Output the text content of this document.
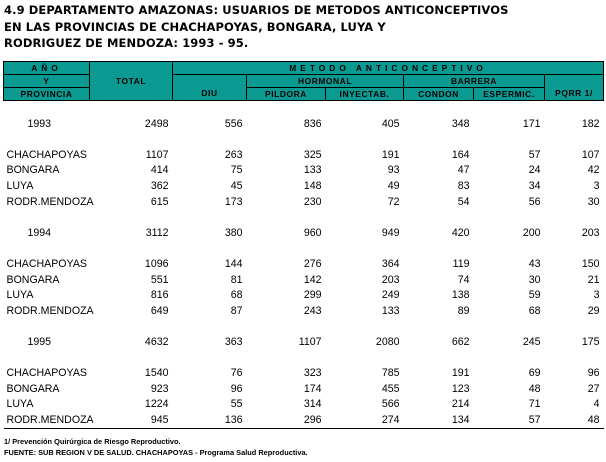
4.9 DEPARTAMENTO AMAZONAS: USUARIOS DE METODOS ANTICONCEPTIVOS
EN LAS PROVINCIAS DE CHACHAPOYAS, BONGARA, LUYA Y
RODRIGUEZ DE MENDOZA: 1993 - 95.
AÑO		METODO ANTICONCEPTIVO					
Y	TOTAL		HORMONAL		BARRERA		
PROVINCIA		DIU	PILDORA	INYECTAB.	CONDON	ESPERMIC.	PQRR 1/

1993	2498	556	836	405	348	171	182

CHACHAPOYAS	1107	263	325	191	164	57	107
BONGARA	414	75	133	93	47	24	42
LUYA	362	45	148	49	83	34	3
RODR.MENDOZA	615	173	230	72	54	56	30

1994	3112	380	960	949	420	200	203

CHACHAPOYAS	1096	144	276	364	119	43	150
BONGARA	551	81	142	203	74	30	21
LUYA	816	68	299	249	138	59	3
RODR.MENDOZA	649	87	243	133	89	68	29

1995	4632	363	1107	2080	662	245	175

CHACHAPOYAS	1540	76	323	785	191	69	96
BONGARA	923	96	174	455	123	48	27
LUYA	1224	55	314	566	214	71	4
RODR.MENDOZA	945	136	296	274	134	57	48
1/ Prevención Quirúrgica de Riesgo Reproductivo.
FUENTE: SUB REGION V DE SALUD. CHACHAPOYAS - Programa Salud Reproductiva.
